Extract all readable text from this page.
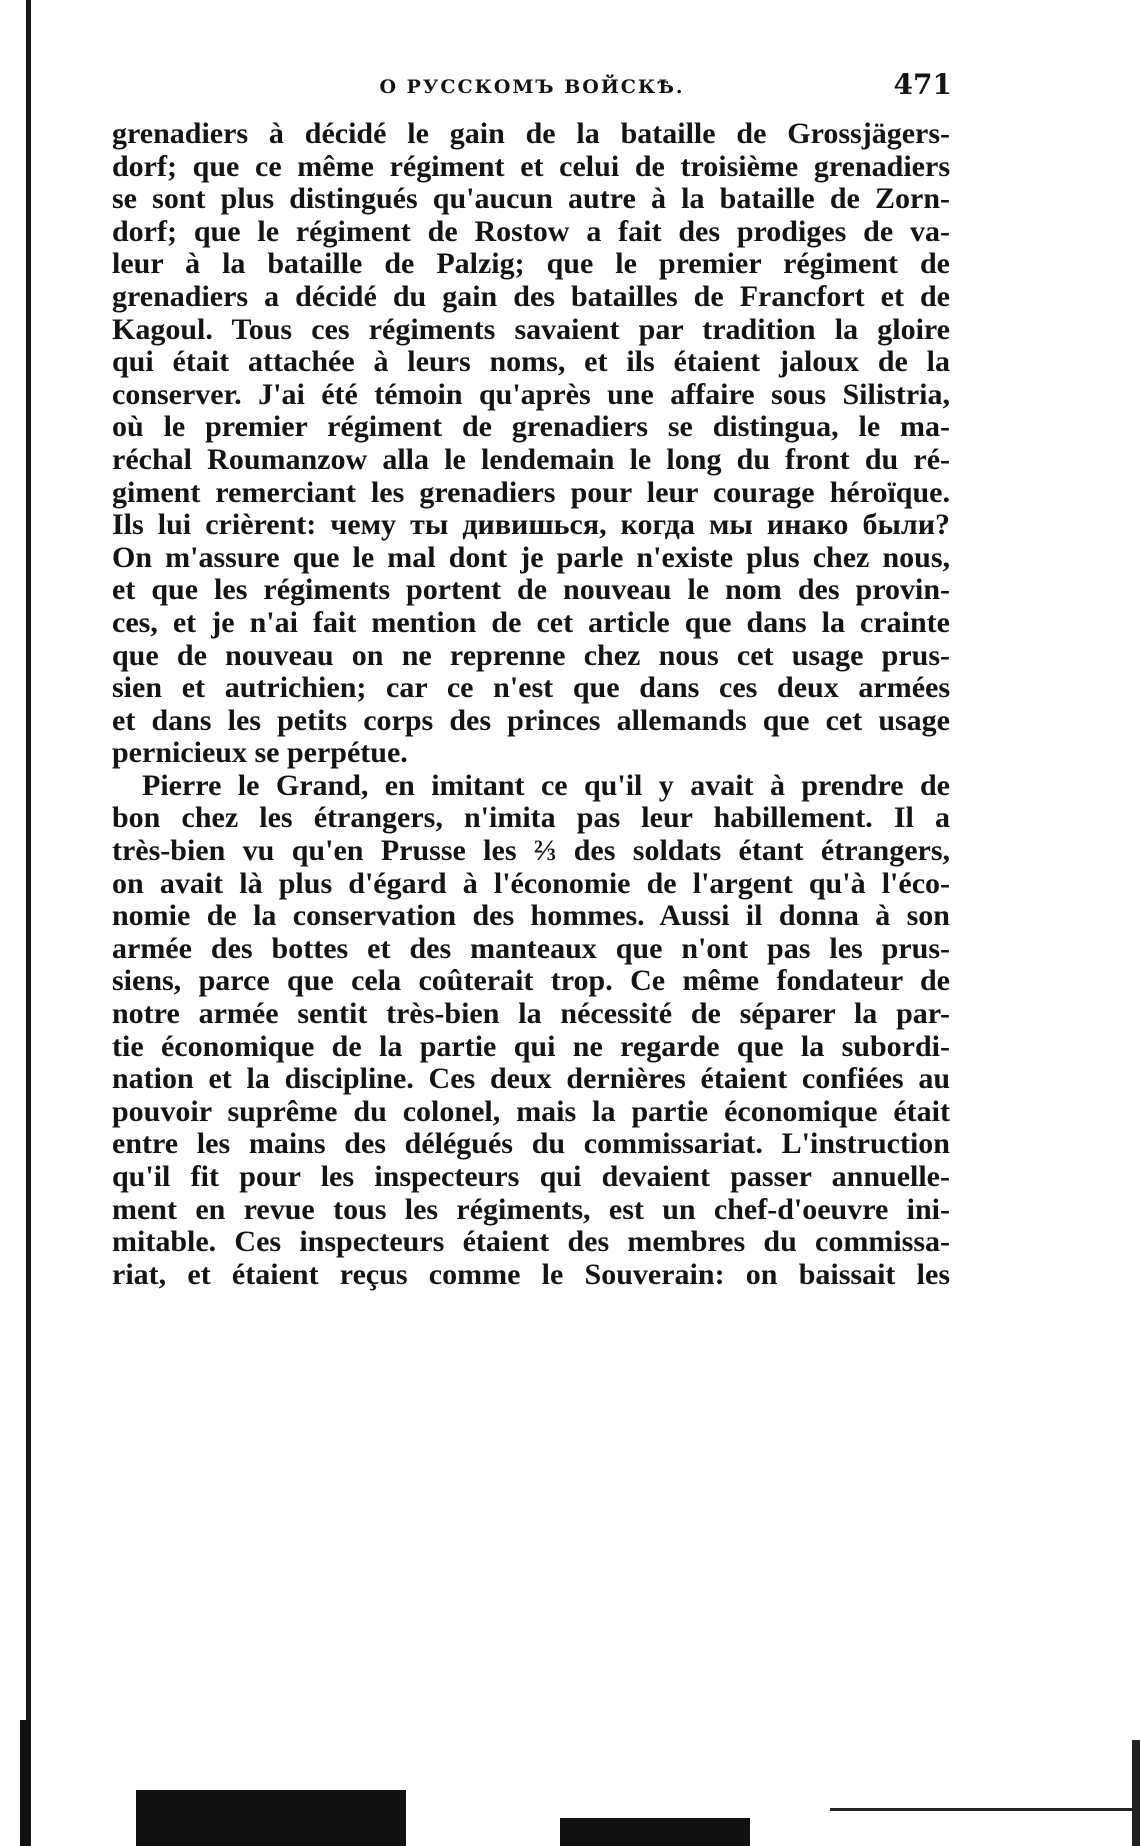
О РУССКОМЪ ВОЙСКѢ.	471
grenadiers à décidé le gain de la bataille de Grossjägers-
dorf; que ce même régiment et celui de troisième grenadiers
se sont plus distingués qu'aucun autre à la bataille de Zorn-
dorf; que le régiment de Rostow a fait des prodiges de va-
leur à la bataille de Palzig; que le premier régiment de
grenadiers a décidé du gain des batailles de Francfort et de
Kagoul. Tous ces régiments savaient par tradition la gloire
qui était attachée à leurs noms, et ils étaient jaloux de la
conserver. J'ai été témoin qu'après une affaire sous Silistria,
où le premier régiment de grenadiers se distingua, le ma-
réchal Roumanzow alla le lendemain le long du front du ré-
giment remerciant les grenadiers pour leur courage héroïque.
Ils lui crièrent: чему ты дивишься, когда мы инако были?
On m'assure que le mal dont je parle n'existe plus chez nous,
et que les régiments portent de nouveau le nom des provin-
ces, et je n'ai fait mention de cet article que dans la crainte
que de nouveau on ne reprenne chez nous cet usage prus-
sien et autrichien; car ce n'est que dans ces deux armées
et dans les petits corps des princes allemands que cet usage
pernicieux se perpétue.
Pierre le Grand, en imitant ce qu'il y avait à prendre de
bon chez les étrangers, n'imita pas leur habillement. Il a
très-bien vu qu'en Prusse les ⅔ des soldats étant étrangers,
on avait là plus d'égard à l'économie de l'argent qu'à l'éco-
nomie de la conservation des hommes. Aussi il donna à son
armée des bottes et des manteaux que n'ont pas les prus-
siens, parce que cela coûterait trop. Ce même fondateur de
notre armée sentit très-bien la nécessité de séparer la par-
tie économique de la partie qui ne regarde que la subordi-
nation et la discipline. Ces deux dernières étaient confiées au
pouvoir suprême du colonel, mais la partie économique était
entre les mains des délégués du commissariat. L'instruction
qu'il fit pour les inspecteurs qui devaient passer annuelle-
ment en revue tous les régiments, est un chef-d'oeuvre ini-
mitable. Ces inspecteurs étaient des membres du commissa-
riat, et étaient reçus comme le Souverain: on baissait les
